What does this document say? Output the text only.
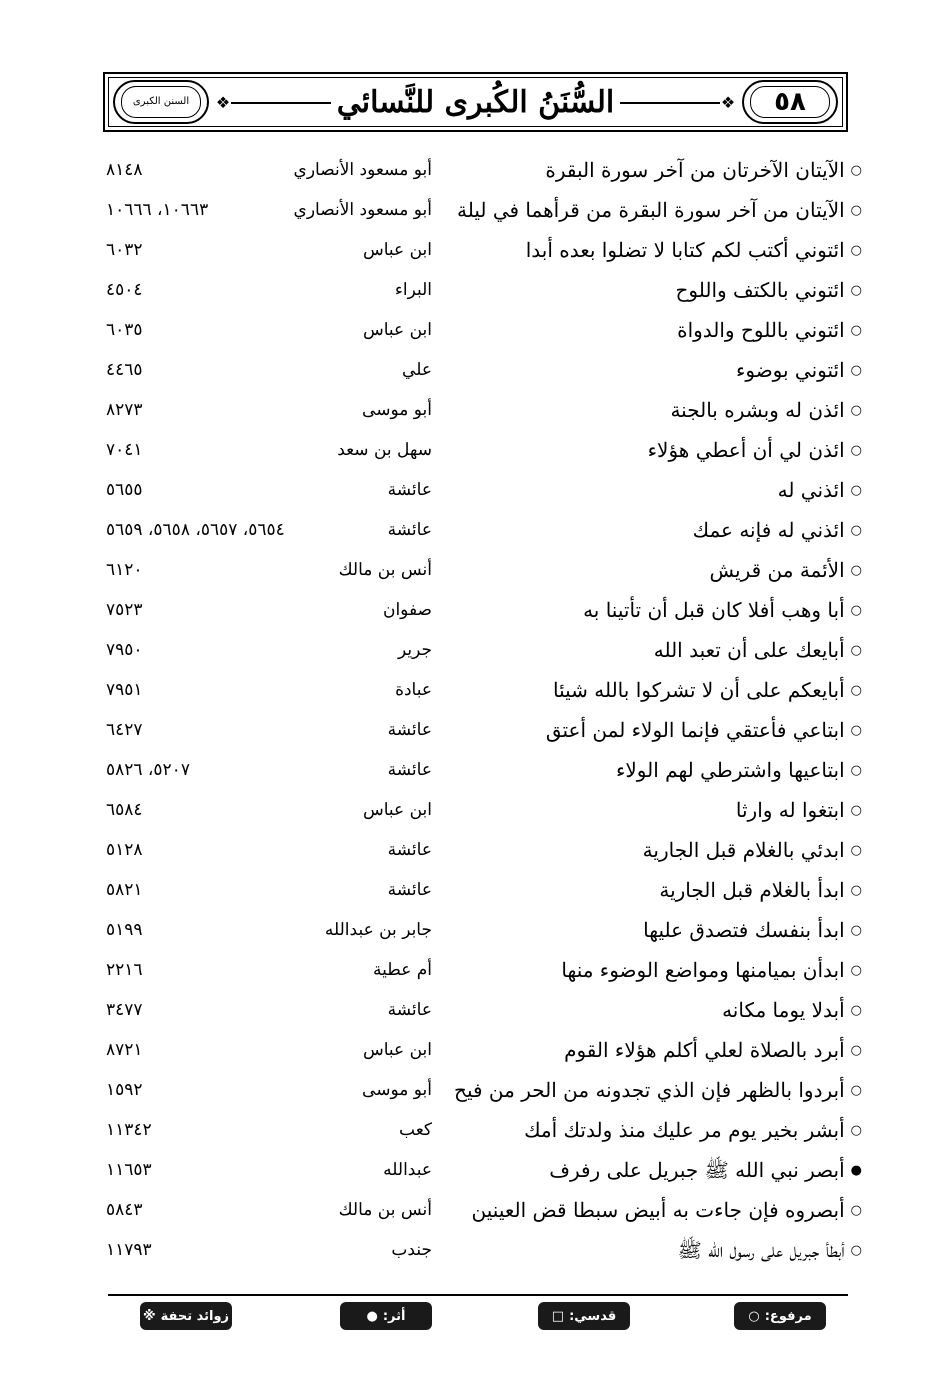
٥٨
❖
السُّنَنُ الكُبرى للنَّسائي
❖
السنن الكبرى
○
الآيتان الآخرتان من آخر سورة البقرة
أبو مسعود الأنصاري
٨١٤٨
○
الآيتان من آخر سورة البقرة من قرأهما في ليلة
أبو مسعود الأنصاري
١٠٦٦٣، ١٠٦٦٦
○
ائتوني أكتب لكم كتابا لا تضلوا بعده أبدا
ابن عباس
٦٠٣٢
○
ائتوني بالكتف واللوح
البراء
٤٥٠٤
○
ائتوني باللوح والدواة
ابن عباس
٦٠٣٥
○
ائتوني بوضوء
علي
٤٤٦٥
○
ائذن له وبشره بالجنة
أبو موسى
٨٢٧٣
○
ائذن لي أن أعطي هؤلاء
سهل بن سعد
٧٠٤١
○
ائذني له
عائشة
٥٦٥٥
○
ائذني له فإنه عمك
عائشة
٥٦٥٤، ٥٦٥٧، ٥٦٥٨، ٥٦٥٩
○
الأئمة من قريش
أنس بن مالك
٦١٢٠
○
أبا وهب أفلا كان قبل أن تأتينا به
صفوان
٧٥٢٣
○
أبايعك على أن تعبد الله
جرير
٧٩٥٠
○
أبايعكم على أن لا تشركوا بالله شيئا
عبادة
٧٩٥١
○
ابتاعي فأعتقي فإنما الولاء لمن أعتق
عائشة
٦٤٢٧
○
ابتاعيها واشترطي لهم الولاء
عائشة
٥٢٠٧، ٥٨٢٦
○
ابتغوا له وارثا
ابن عباس
٦٥٨٤
○
ابدئي بالغلام قبل الجارية
عائشة
٥١٢٨
○
ابدأ بالغلام قبل الجارية
عائشة
٥٨٢١
○
ابدأ بنفسك فتصدق عليها
جابر بن عبدالله
٥١٩٩
○
ابدأن بميامنها ومواضع الوضوء منها
أم عطية
٢٢١٦
○
أبدلا يوما مكانه
عائشة
٣٤٧٧
○
أبرد بالصلاة لعلي أكلم هؤلاء القوم
ابن عباس
٨٧٢١
○
أبردوا بالظهر فإن الذي تجدونه من الحر من فيح
أبو موسى
١٥٩٢
○
أبشر بخير يوم مر عليك منذ ولدتك أمك
كعب
١١٣٤٢
●
أبصر نبي الله ﷺ جبريل على رفرف
عبدالله
١١٦٥٣
○
أبصروه فإن جاءت به أبيض سبطا قض العينين
أنس بن مالك
٥٨٤٣
○
أبطأ جبريل على رسول الله ﷺ
جندب
١١٧٩٣
مرفوع:
○
قدسي:
□
أثر:
●
زوائد تحفة
※
